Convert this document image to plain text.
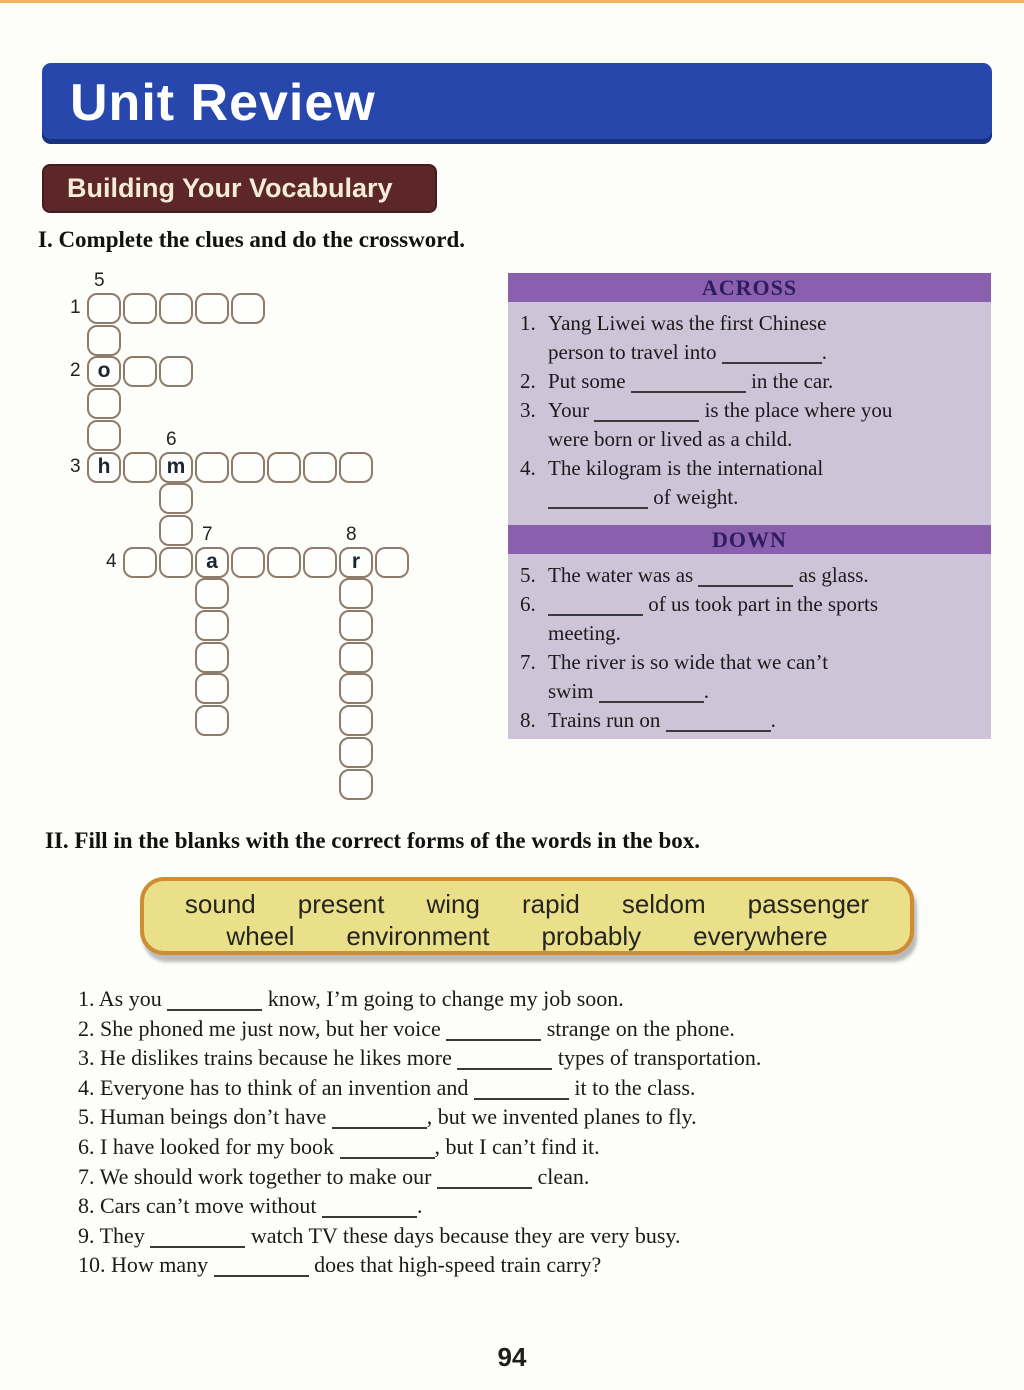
Unit Review
Building Your Vocabulary
I. Complete the clues and do the crossword.
o
h	m
a	r
5
1
2
3
6
4
7	8
ACROSS
1. Yang Liwei was the first Chinese
person to travel into	.
2. Put some	in the car.
3. Your	is the place where you
were born or lived as a child.
4. The kilogram is the international
of weight.
DOWN
5. The water was as	as glass.
6.	of us took part in the sports
meeting.
7. The river is so wide that we can’t
swim	.
8. Trains run on	.
II. Fill in the blanks with the correct forms of the words in the box.
sound present wing rapid seldom passenger
wheel environment probably everywhere
1. As you	know, I’m going to change my job soon.
2. She phoned me just now, but her voice	strange on the phone.
3. He dislikes trains because he likes more	types of transportation.
4. Everyone has to think of an invention and	it to the class.
5. Human beings don’t have	, but we invented planes to fly.
6. I have looked for my book	, but I can’t find it.
7. We should work together to make our	clean.
8. Cars can’t move without	.
9. They	watch TV these days because they are very busy.
10. How many	does that high-speed train carry?
94
